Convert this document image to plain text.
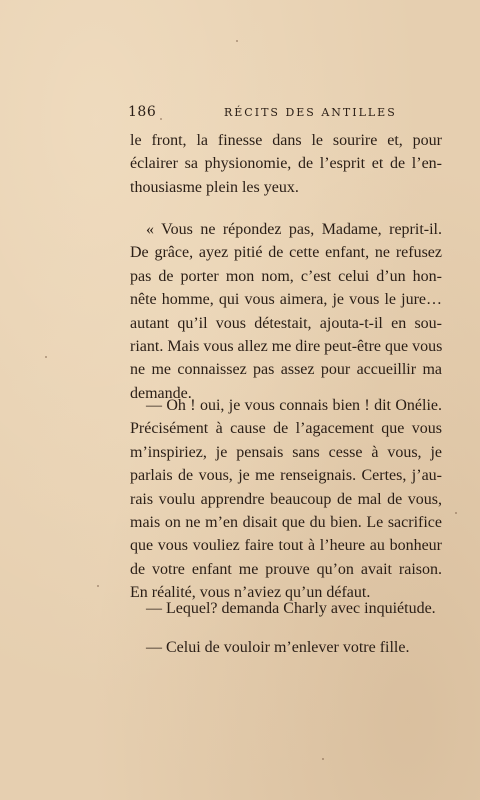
186	RÉCITS DES ANTILLES
le front, la finesse dans le sourire et, pour
éclairer sa physionomie, de l’esprit et de l’en-
thousiasme plein les yeux.
« Vous ne répondez pas, Madame, reprit-il.
De grâce, ayez pitié de cette enfant, ne refusez
pas de porter mon nom, c’est celui d’un hon-
nête homme, qui vous aimera, je vous le jure…
autant qu’il vous détestait, ajouta-t-il en sou-
riant. Mais vous allez me dire peut-être que vous
ne me connaissez pas assez pour accueillir ma
demande.
— Oh ! oui, je vous connais bien ! dit Onélie.
Précisément à cause de l’agacement que vous
m’inspiriez, je pensais sans cesse à vous, je
parlais de vous, je me renseignais. Certes, j’au-
rais voulu apprendre beaucoup de mal de vous,
mais on ne m’en disait que du bien. Le sacrifice
que vous vouliez faire tout à l’heure au bonheur
de votre enfant me prouve qu’on avait raison.
En réalité, vous n’aviez qu’un défaut.
— Lequel? demanda Charly avec inquiétude.
— Celui de vouloir m’enlever votre fille.
